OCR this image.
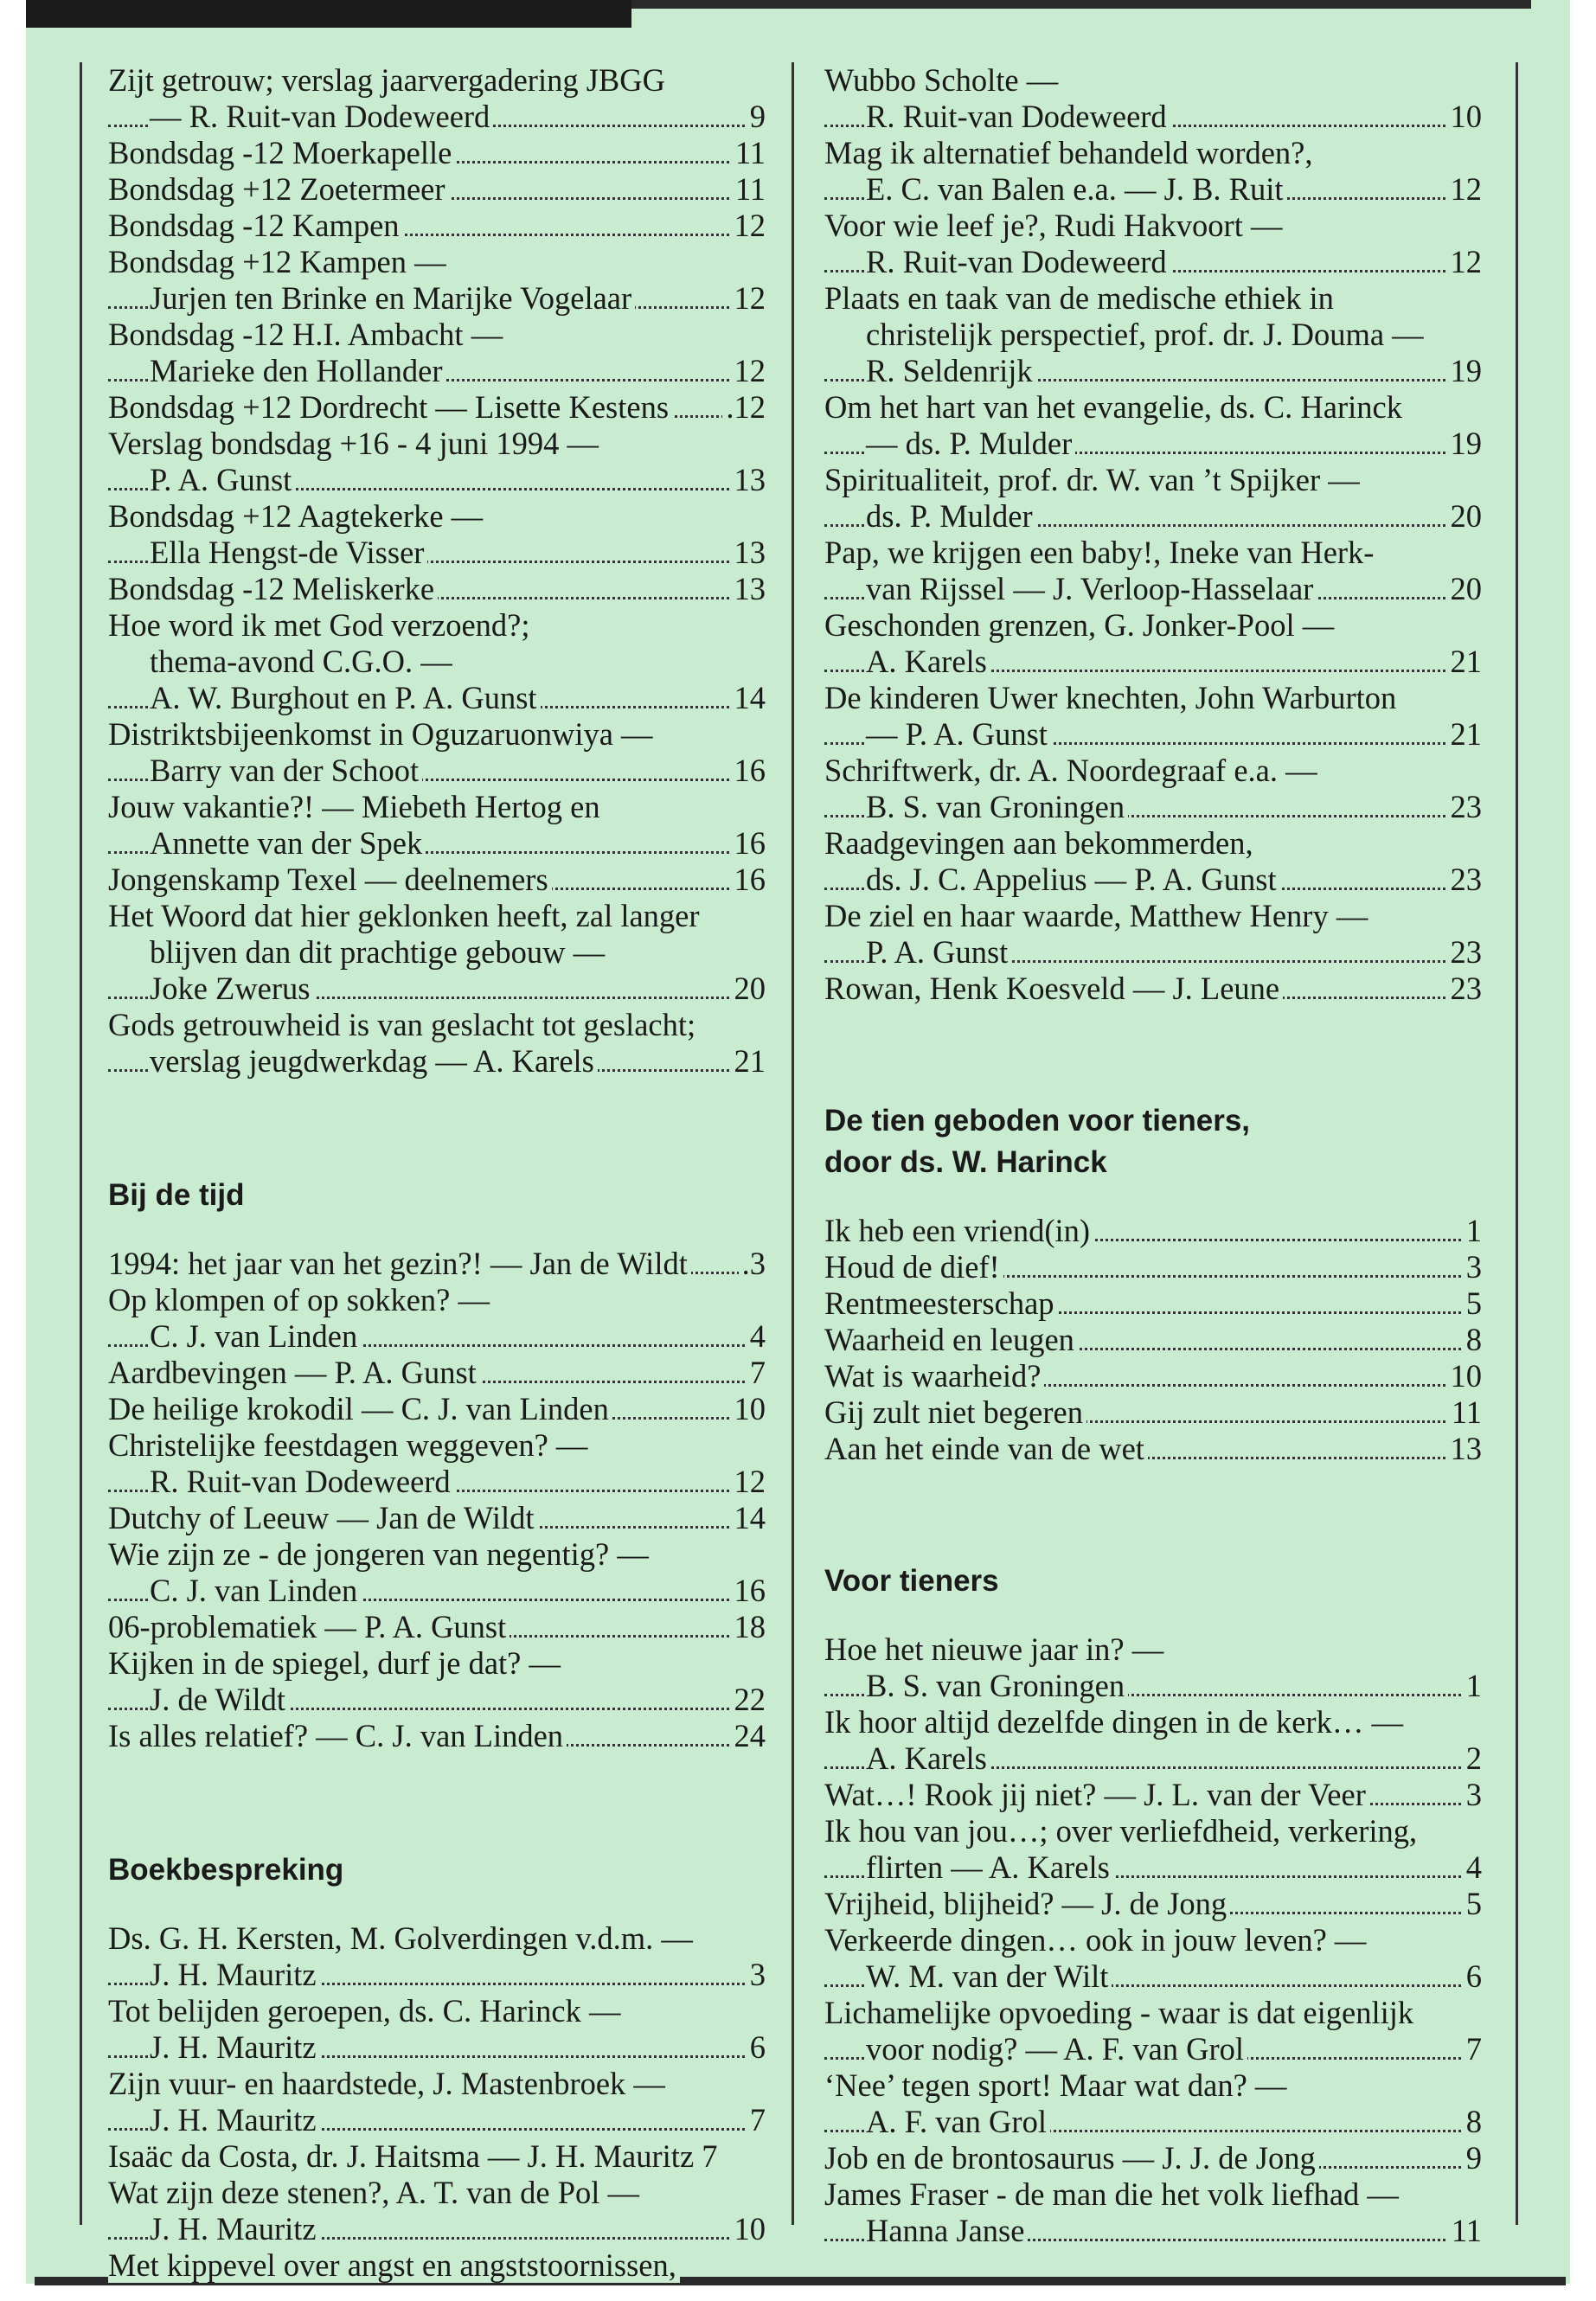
Zijt getrouw; verslag jaarvergadering JBGG
— R. Ruit-van Dodeweerd	9
Bondsdag -12 Moerkapelle	11
Bondsdag +12 Zoetermeer	11
Bondsdag -12 Kampen	12
Bondsdag +12 Kampen —
Jurjen ten Brinke en Marijke Vogelaar	12
Bondsdag -12 H.I. Ambacht —
Marieke den Hollander	12
Bondsdag +12 Dordrecht — Lisette Kestens .12
Verslag bondsdag +16 - 4 juni 1994 —
P. A. Gunst	13
Bondsdag +12 Aagtekerke —
Ella Hengst-de Visser	13
Bondsdag -12 Meliskerke	13
Hoe word ik met God verzoend?;
thema-avond C.G.O. —
A. W. Burghout en P. A. Gunst	14
Distriktsbijeenkomst in Oguzaruonwiya —
Barry van der Schoot	16
Jouw vakantie?! — Miebeth Hertog en
Annette van der Spek	16
Jongenskamp Texel — deelnemers	16
Het Woord dat hier geklonken heeft, zal langer
blijven dan dit prachtige gebouw —
Joke Zwerus	20
Gods getrouwheid is van geslacht tot geslacht;
verslag jeugdwerkdag — A. Karels	21
Bij de tijd
1994: het jaar van het gezin?! — Jan de Wildt .3
Op klompen of op sokken? —
C. J. van Linden	4
Aardbevingen — P. A. Gunst	7
De heilige krokodil — C. J. van Linden	10
Christelijke feestdagen weggeven? —
R. Ruit-van Dodeweerd	12
Dutchy of Leeuw — Jan de Wildt	14
Wie zijn ze - de jongeren van negentig? —
C. J. van Linden	16
06-problematiek — P. A. Gunst	18
Kijken in de spiegel, durf je dat? —
J. de Wildt	22
Is alles relatief? — C. J. van Linden	24
Boekbespreking
Ds. G. H. Kersten, M. Golverdingen v.d.m. —
J. H. Mauritz	3
Tot belijden geroepen, ds. C. Harinck —
J. H. Mauritz	6
Zijn vuur- en haardstede, J. Mastenbroek —
J. H. Mauritz	7
Isaäc da Costa, dr. J. Haitsma — J. H. Mauritz 7
Wat zijn deze stenen?, A. T. van de Pol —
J. H. Mauritz	10
Met kippevel over angst en angststoornissen,
Wubbo Scholte —
R. Ruit-van Dodeweerd	10
Mag ik alternatief behandeld worden?,
E. C. van Balen e.a. — J. B. Ruit	12
Voor wie leef je?, Rudi Hakvoort —
R. Ruit-van Dodeweerd	12
Plaats en taak van de medische ethiek in
christelijk perspectief, prof. dr. J. Douma —
R. Seldenrijk	19
Om het hart van het evangelie, ds. C. Harinck
— ds. P. Mulder	19
Spiritualiteit, prof. dr. W. van ’t Spijker —
ds. P. Mulder	20
Pap, we krijgen een baby!, Ineke van Herk-
van Rijssel — J. Verloop-Hasselaar	20
Geschonden grenzen, G. Jonker-Pool —
A. Karels	21
De kinderen Uwer knechten, John Warburton
— P. A. Gunst	21
Schriftwerk, dr. A. Noordegraaf e.a. —
B. S. van Groningen	23
Raadgevingen aan bekommerden,
ds. J. C. Appelius — P. A. Gunst	23
De ziel en haar waarde, Matthew Henry —
P. A. Gunst	23
Rowan, Henk Koesveld — J. Leune	23
De tien geboden voor tieners,
door ds. W. Harinck
Ik heb een vriend(in)	1
Houd de dief!	3
Rentmeesterschap	5
Waarheid en leugen	8
Wat is waarheid?	10
Gij zult niet begeren	11
Aan het einde van de wet	13
Voor tieners
Hoe het nieuwe jaar in? —
B. S. van Groningen	1
Ik hoor altijd dezelfde dingen in de kerk… —
A. Karels	2
Wat…! Rook jij niet? — J. L. van der Veer	3
Ik hou van jou…; over verliefdheid, verkering,
flirten — A. Karels	4
Vrijheid, blijheid? — J. de Jong	5
Verkeerde dingen… ook in jouw leven? —
W. M. van der Wilt	6
Lichamelijke opvoeding - waar is dat eigenlijk
voor nodig? — A. F. van Grol	7
‘Nee’ tegen sport! Maar wat dan? —
A. F. van Grol	8
Job en de brontosaurus — J. J. de Jong	9
James Fraser - de man die het volk liefhad —
Hanna Janse	11
